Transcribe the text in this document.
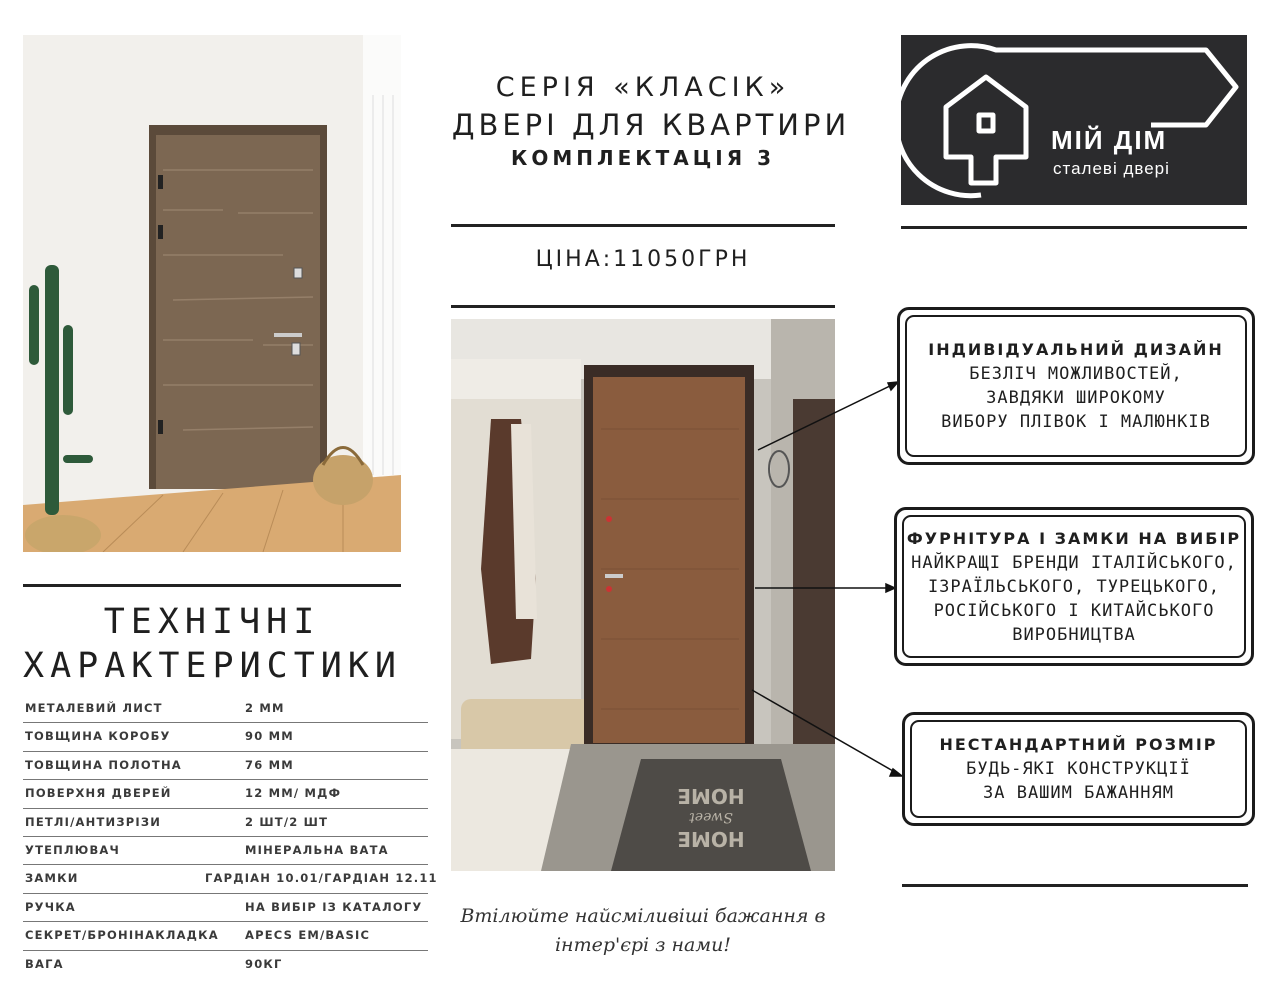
СЕРІЯ «КЛАСІК»
ДВЕРІ ДЛЯ КВАРТИРИ
КОМПЛЕКТАЦІЯ 3
ЦІНА:11050ГРН
МІЙ ДІМ
сталеві двері
HOME
Sweet
HOME
ІНДИВІДУАЛЬНИЙ ДИЗАЙН
БЕЗЛІЧ МОЖЛИВОСТЕЙ,
ЗАВДЯКИ ШИРОКОМУ
ВИБОРУ ПЛІВОК І МАЛЮНКІВ
ФУРНІТУРА І ЗАМКИ НА ВИБІР
НАЙКРАЩІ БРЕНДИ ІТАЛІЙСЬКОГО,
ІЗРАЇЛЬСЬКОГО, ТУРЕЦЬКОГО,
РОСІЙСЬКОГО І КИТАЙСЬКОГО
ВИРОБНИЦТВА
НЕСТАНДАРТНИЙ РОЗМІР
БУДЬ-ЯКІ КОНСТРУКЦІЇ
ЗА ВАШИМ БАЖАННЯМ
ТЕХНІЧНІ
ХАРАКТЕРИСТИКИ
МЕТАЛЕВИЙ ЛИСТ	2 ММ
ТОВЩИНА КОРОБУ	90 ММ
ТОВЩИНА ПОЛОТНА	76 ММ
ПОВЕРХНЯ ДВЕРЕЙ	12 ММ/ МДФ
ПЕТЛІ/АНТИЗРІЗИ	2 ШТ/2 ШТ
УТЕПЛЮВАЧ	МІНЕРАЛЬНА ВАТА
ЗАМКИ	ГАРДІАН 10.01/ГАРДІАН 12.11
РУЧКА	НА ВИБІР ІЗ КАТАЛОГУ
СЕКРЕТ/БРОНІНАКЛАДКА APECS EM/BASIC
ВАГА	90КГ
Втілюйте найсміливіші бажання в
інтер'єрі з нами!
